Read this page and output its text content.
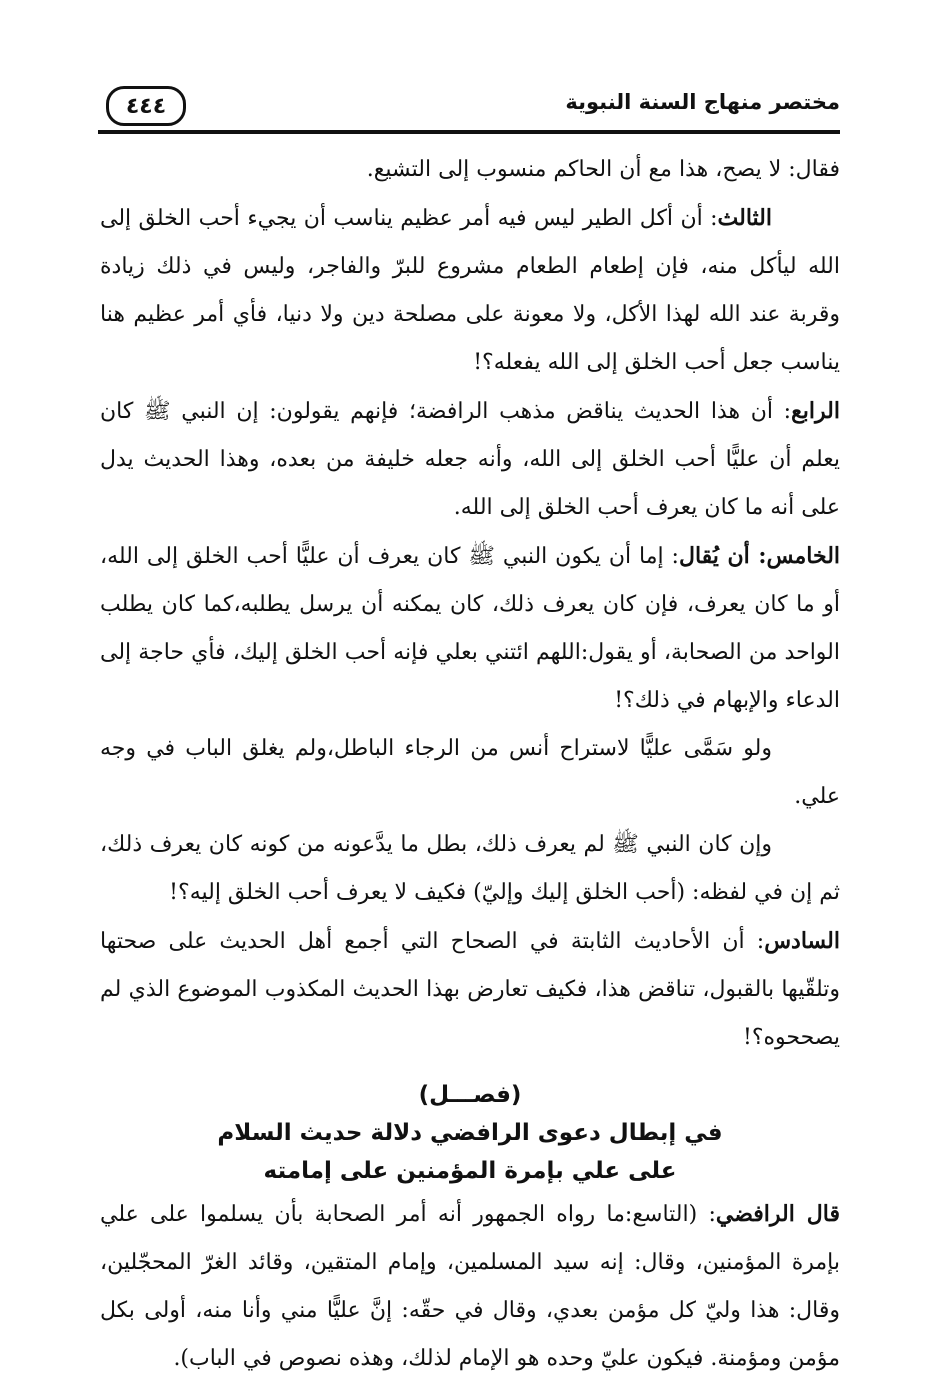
٤٤٤	مختصر منهاج السنة النبوية

فقال: لا يصح، هذا مع أن الحاكم منسوب إلى التشيع.

الثالث: أن أكل الطير ليس فيه أمر عظيم يناسب أن يجيء أحب الخلق إلى الله ليأكل منه، فإن إطعام الطعام مشروع للبرّ والفاجر، وليس في ذلك زيادة وقربة عند الله لهذا الأكل، ولا معونة على مصلحة دين ولا دنيا، فأي أمر عظيم هنا يناسب جعل أحب الخلق إلى الله يفعله؟!

الرابع: أن هذا الحديث يناقض مذهب الرافضة؛ فإنهم يقولون: إن النبي ﷺ كان يعلم أن عليًّا أحب الخلق إلى الله، وأنه جعله خليفة من بعده، وهذا الحديث يدل على أنه ما كان يعرف أحب الخلق إلى الله.

الخامس: أن يُقال: إما أن يكون النبي ﷺ كان يعرف أن عليًّا أحب الخلق إلى الله، أو ما كان يعرف، فإن كان يعرف ذلك، كان يمكنه أن يرسل يطلبه،كما كان يطلب الواحد من الصحابة، أو يقول:اللهم ائتني بعلي فإنه أحب الخلق إليك، فأي حاجة إلى الدعاء والإبهام في ذلك؟!

ولو سَمَّى عليًّا لاستراح أنس من الرجاء الباطل،ولم يغلق الباب في وجه علي.

وإن كان النبي ﷺ لم يعرف ذلك، بطل ما يدَّعونه من كونه كان يعرف ذلك، ثم إن في لفظه: (أحب الخلق إليك وإليّ) فكيف لا يعرف أحب الخلق إليه؟!

السادس: أن الأحاديث الثابتة في الصحاح التي أجمع أهل الحديث على صحتها وتلقّيها بالقبول، تناقض هذا، فكيف تعارض بهذا الحديث المكذوب الموضوع الذي لم يصححوه؟!

(فصـــل)
في إبطال دعوى الرافضي دلالة حديث السلام
على علي بإمرة المؤمنين على إمامته

قال الرافضي: (التاسع:ما رواه الجمهور أنه أمر الصحابة بأن يسلموا على علي بإمرة المؤمنين، وقال: إنه سيد المسلمين، وإمام المتقين، وقائد الغرّ المحجّلين، وقال: هذا وليّ كل مؤمن بعدي، وقال في حقّه: إنَّ عليًّا مني وأنا منه، أولى بكل مؤمن ومؤمنة. فيكون عليّ وحده هو الإمام لذلك، وهذه نصوص في الباب).
